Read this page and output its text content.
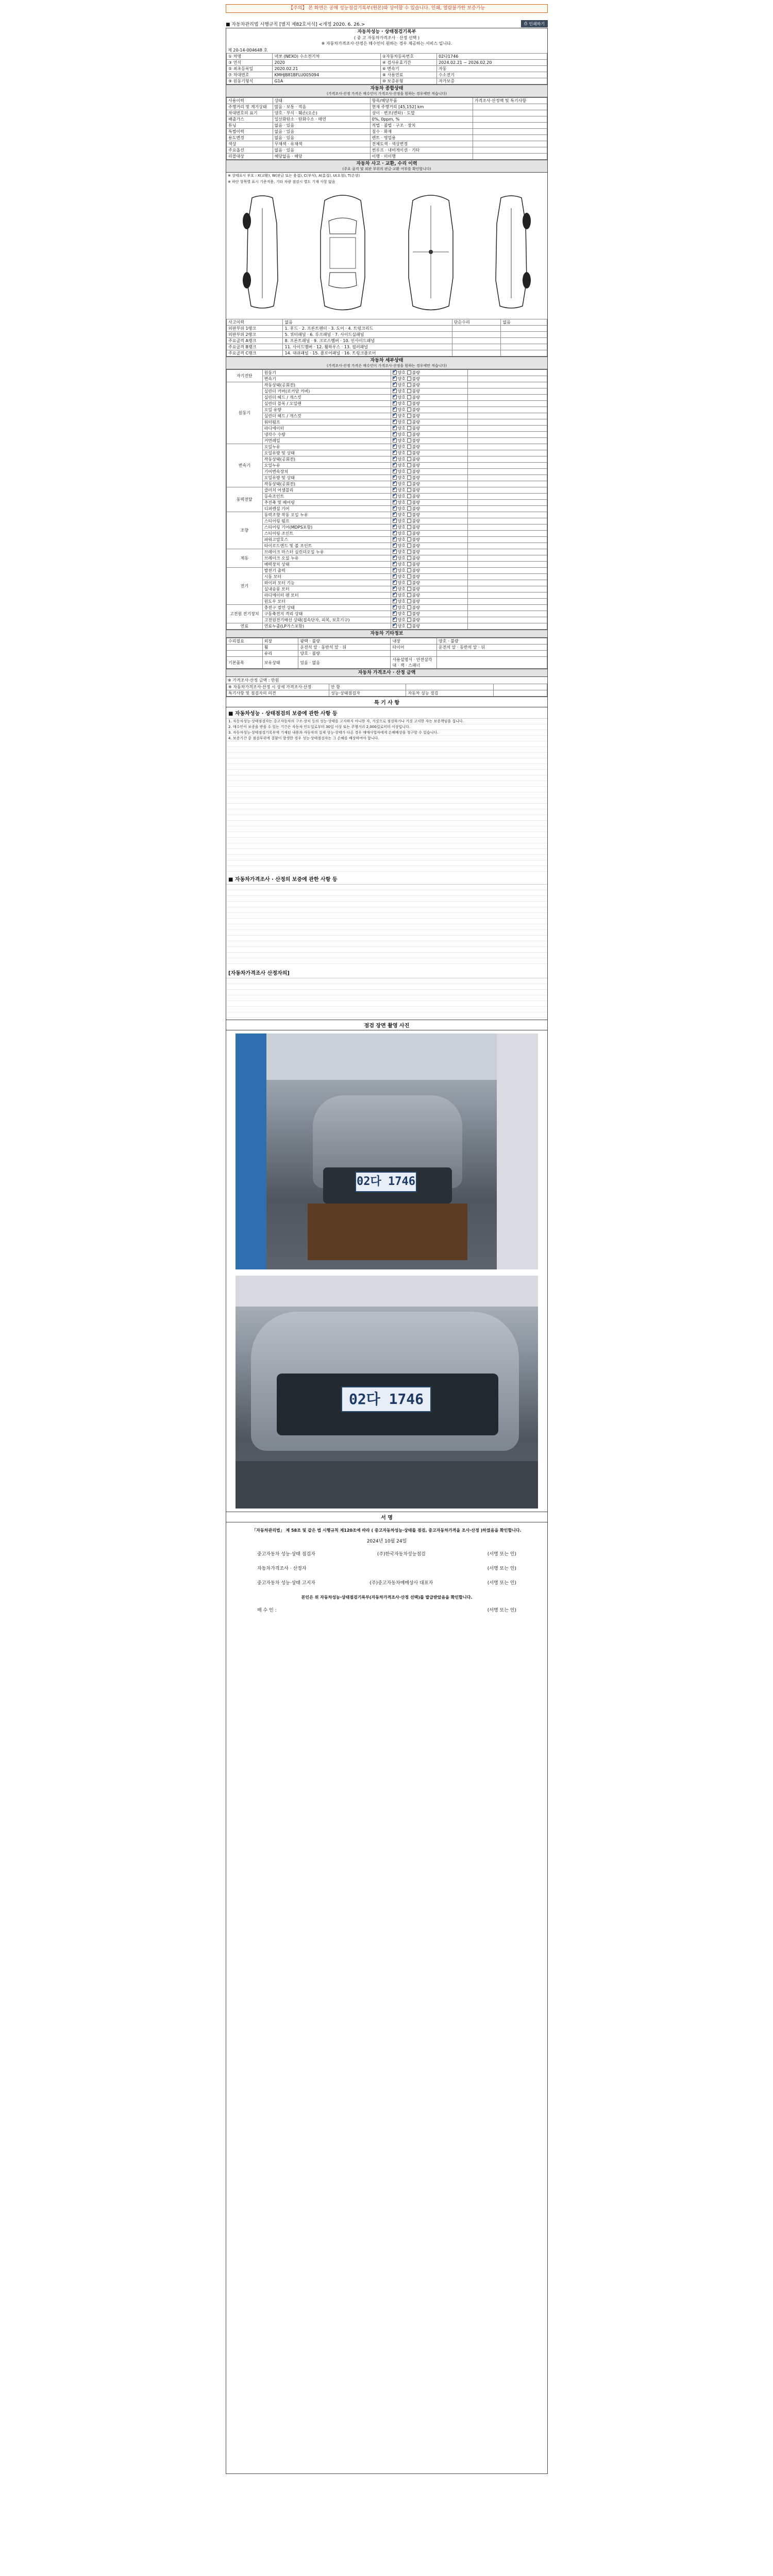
【주의】 본 화면은 공혜 성능점검기록부(원본)와 상이할 수 있습니다. 인쇄, 열람불가한 보증가능
■ 자동차관리법 시행규칙 [별지 제82호서식] <개정 2020. 6. 26.>	⎙ 인쇄하기
자동차성능 · 상태점검기록부
( 중 고 자동차가격조사 · 산정 선택 )
※ 자동차가격조사·산정은 매수인이 원하는 경우 제공하는 서비스 입니다.
제 20-14-004648 호
① 차명	넥쏘 (NEXO) 수소전기차	②자동차등록번호	02다1746
③ 연식	2020	④ 검사유효기간	2024.02.21 ~ 2026.02.20
⑤ 최초등록일	2020.02.21	⑥ 변속기	자동
⑦ 차대번호	KMHJB81BFLU005094	⑧ 사용연료	수소전기
⑨ 원동기형식	G1A	⑩ 보증유형	자가보증
자동차 종합상태
(가격조사·산정 가격은 매수인이 가격조사·산정을 원하는 경우에만 적습니다)
사용이력	상태	항목/해당부품	가격조사·산정액 및 특기사항
주행거리 및 계기상태	많음 · 보통 · 적음	현재 주행거리 [45,152] km	
차대번호의 표기	양호 · 부식 · 훼손(오손)	상이 · 변조(변타) · 도말	
배출가스	일산화탄소 · 탄화수소 · 매연	0%, 0ppm, %	
튜닝	없음 · 있음	적법 · 불법 · 구조 · 장치	
특별이력	없음 · 있음	침수 · 화재	
용도변경	없음 · 있음	렌트 · 영업용	
색상	무채색 · 유채색	전체도색 · 색상변경	
주요옵션	없음 · 있음	썬루프 · 내비게이션 · 기타	
리콜대상	해당없음 · 해당	이행 · 미이행	
자동차 사고 · 교환, 수리 이력
(주요 골격 및 외판 부위의 판금·교환 여부를 확인합니다)
※ 상태표시 부호 : X(교환), W(판금 또는 용접), C(부식), A(흠집), U(요철), T(손상)
※ 하단 항목별 표시 기준적용, 기타 차량 점검시 별도 기재 사항 없음
사고이력	없음	단순수리	없음
외판부위 1랭크	1. 후드 · 2. 프론트펜더 · 3. 도어 · 4. 트렁크리드		
외판부위 2랭크	5. 쿼터패널 · 6. 루프패널 · 7. 사이드실패널		
주요골격 A랭크	8. 프론트패널 · 9. 크로스멤버 · 10. 인사이드패널		
주요골격 B랭크	11. 사이드멤버 · 12. 휠하우스 · 13. 필러패널		
주요골격 C랭크	14. 대쉬패널 · 15. 플로어패널 · 16. 트렁크플로어		
자동차 세부상태
(가격조사·산정 가격은 매수인이 가격조사·산정을 원하는 경우에만 적습니다)
자기진단	원동기	✔양호 불량	
	변속기	✔양호 불량	
원동기	작동상태(공회전)	✔양호 불량	
	실린더 커버(로커암 커버)	✔양호 불량	
	실린더 헤드 / 개스킷	✔양호 불량	
	실린더 블록 / 오일팬	✔양호 불량	
	오일 유량	✔양호 불량	
	실린더 헤드 / 개스킷	✔양호 불량	
	워터펌프	✔양호 불량	
	라디에이터	✔양호 불량	
	냉각수 수량	✔양호 불량	
	커먼레일	✔양호 불량	
변속기	오일누유	✔양호 불량	
	오일유량 및 상태	✔양호 불량	
	작동상태(공회전)	✔양호 불량	
	오일누유	✔양호 불량	
	기어변속장치	✔양호 불량	
	오일유량 및 상태	✔양호 불량	
	작동상태(공회전)	✔양호 불량	
동력전달	클러치 어셈블리	✔양호 불량	
	등속조인트	✔양호 불량	
	추진축 및 베어링	✔양호 불량	
	디퍼렌셜 기어	✔양호 불량	
조향	동력조향 작동 오일 누유	✔양호 불량	
	스티어링 펌프	✔양호 불량	
	스티어링 기어(MDPS포함)	✔양호 불량	
	스티어링 조인트	✔양호 불량	
	파워고압호스	✔양호 불량	
	타이로드엔드 및 볼 조인트	✔양호 불량	
제동	브레이크 마스터 실린더오일 누유	✔양호 불량	
	브레이크 오일 누유	✔양호 불량	
	배력장치 상태	✔양호 불량	
전기	발전기 출력	✔양호 불량	
	시동 모터	✔양호 불량	
	와이퍼 모터 기능	✔양호 불량	
	실내송풍 모터	✔양호 불량	
	라디에이터 팬 모터	✔양호 불량	
	윈도우 모터	✔양호 불량	
고전원 전기장치	충전구 절연 상태	✔양호 불량	
	구동축전지 격리 상태	✔양호 불량	
	고전원전기배선 상태(접속단자, 피복, 보호기구)	✔양호 불량	
연료	연료누출(LP가스포함)	✔양호 불량	
자동차 기타정보
수리필요	외장	광택 · 불량	내장	양호 · 불량
	휠	운전석 앞 · 동반석 앞 · 뒤	타이어	운전석 앞 · 동반석 앞 · 뒤
	유리	양호 · 불량		
기본품목	보유상태	있음 · 없음	사용설명서 · 안전삼각대 · 잭 · 스패너	
자동차 가격조사 · 산정 금액
※ 가격조사·산정 금액 : 만원
※ 자동차가격조사·산정 시 상세 가격조사·산정	안 함		
특기사항 및 점검자의 의견	성능·상태점검자	자동차 성능 점검	
특 기 사 항
■ 자동차성능 · 상태점검의 보증에 관한 사항 등
1. 자동차성능·상태점검자는 중고자동차의 구조·장치 등의 성능·상태를 고지하지 아니한 자, 거짓으로 점검하거나 거짓 고지한 자는 보증책임을 집니다.
2. 매수인이 보증을 받을 수 있는 기간은 자동차 인도일로부터 30일 이상 또는 주행거리 2,000킬로미터 이상입니다.
3. 자동차성능·상태점검기록부에 기재된 내용과 자동차의 실제 성능·상태가 다른 경우 매매사업자에게 손해배상을 청구할 수 있습니다.
4. 보증기간 중 점검부위에 결함이 발생한 경우 성능·상태점검자는 그 손해를 배상하여야 합니다.
■ 자동차가격조사 · 산정의 보증에 관한 사항 등
[자동차가격조사 산정자의]
점검 장면 촬영 사진
02다 1746
02다 1746
서 명
「자동차관리법」 제 58조 및 같은 법 시행규칙 제120조에 따라 ( 중고자동차성능·상태를 점검, 중고자동차가격을 조사·산정 )하였음을 확인합니다.
2024년 10월 24일
중고자동차 성능·상태 점검자	(주)한국자동차성능점검	(서명 또는 인)
자동차가격조사 · 산정자	(서명 또는 인)
중고자동차 성능·상태 고지자	(주)중고자동차매매상사 대표자	(서명 또는 인)
본인은 위 자동차성능·상태점검기록부(자동차가격조사·산정 선택)를 발급받았음을 확인합니다.
매 수 인 :	(서명 또는 인)
